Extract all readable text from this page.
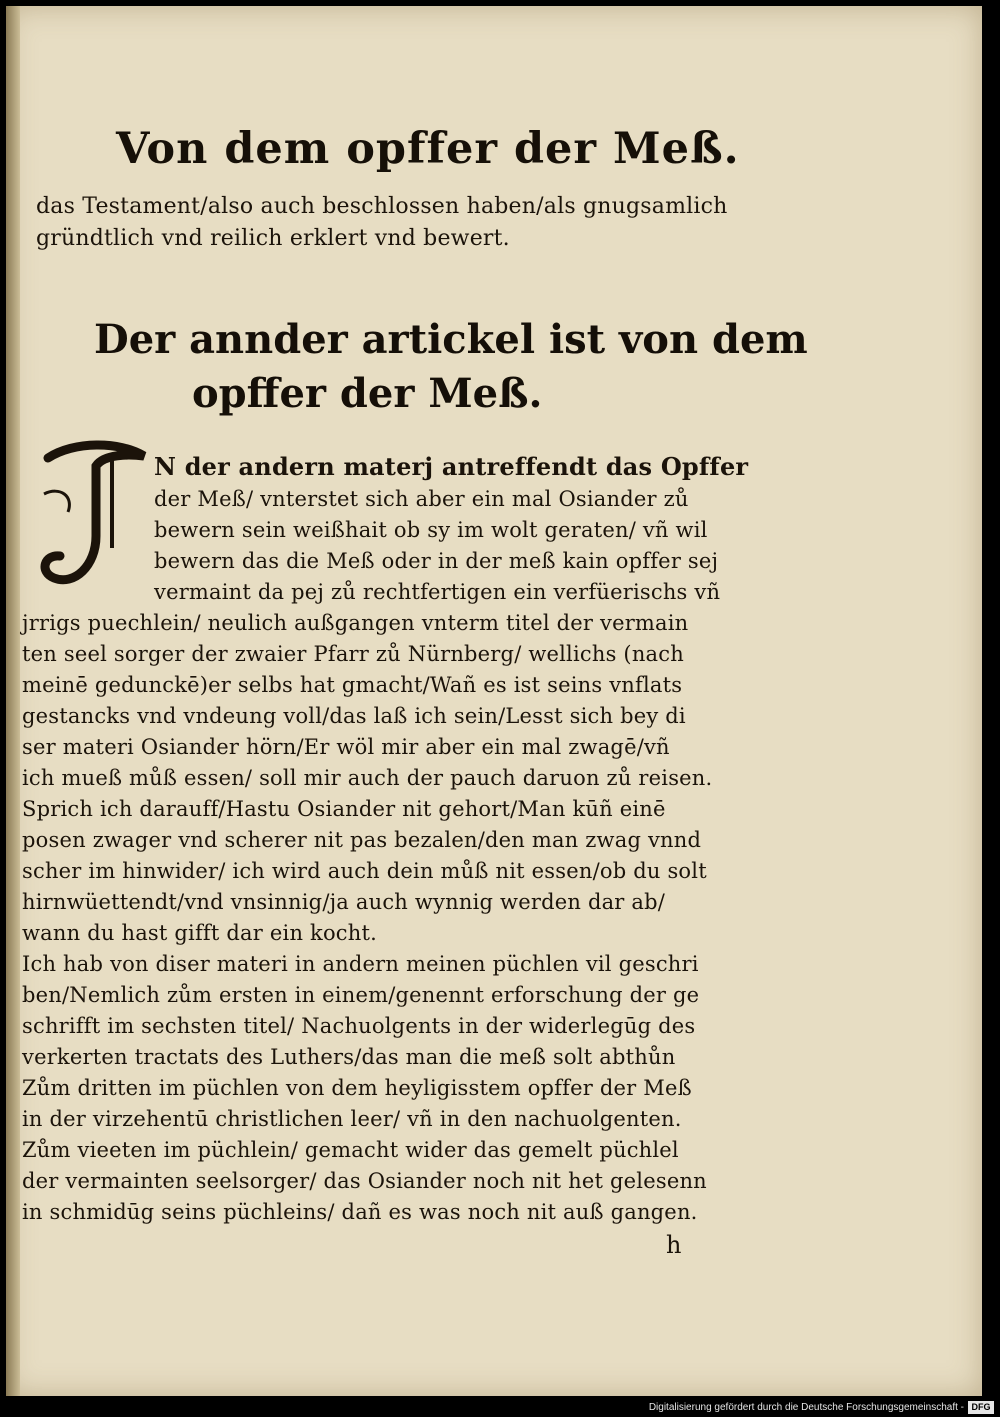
Von dem opffer der Meß.
das Testament/also auch beschlossen haben/als gnugsamlich
gründtlich vnd reilich erklert vnd bewert.
Der annder artickel ist von dem
opffer der Meß.
J
N der andern materj antreffendt das Opffer
der Meß/ vnterstet sich aber ein mal Osiander zů
bewern sein weißhait ob sy im wolt geraten/ vñ wil
bewern das die Meß oder in der meß kain opffer sej
vermaint da pej zů rechtfertigen ein verfüerischs vñ
jrrigs puechlein/ neulich außgangen vnterm titel der vermain
ten seel sorger der zwaier Pfarr zů Nürnberg/ wellichs (nach
meinē gedunckē)er selbs hat gmacht/Wañ es ist seins vnflats
gestancks vnd vndeung voll/das laß ich sein/Lesst sich bey di
ser materi Osiander hörn/Er wöl mir aber ein mal zwagē/vñ
ich mueß můß essen/ soll mir auch der pauch daruon zů reisen.
Sprich ich darauff/Hastu Osiander nit gehort/Man kūñ einē
posen zwager vnd scherer nit pas bezalen/den man zwag vnnd
scher im hinwider/ ich wird auch dein můß nit essen/ob du solt
hirnwüettendt/vnd vnsinnig/ja auch wynnig werden dar ab/
wann du hast gifft dar ein kocht.
Ich hab von diser materi in andern meinen püchlen vil geschri
ben/Nemlich zům ersten in einem/genennt erforschung der ge
schrifft im sechsten titel/ Nachuolgents in der widerlegūg des
verkerten tractats des Luthers/das man die meß solt abthůn
Zům dritten im püchlen von dem heyligisstem opffer der Meß
in der virzehentū christlichen leer/ vñ in den nachuolgenten.
Zům vieeten im püchlein/ gemacht wider das gemelt püchlel
der vermainten seelsorger/ das Osiander noch nit het gelesenn
in schmidūg seins püchleins/ dañ es was noch nit auß gangen.
h
Digitalisierung gefördert durch die Deutsche Forschungsgemeinschaft - DFG
